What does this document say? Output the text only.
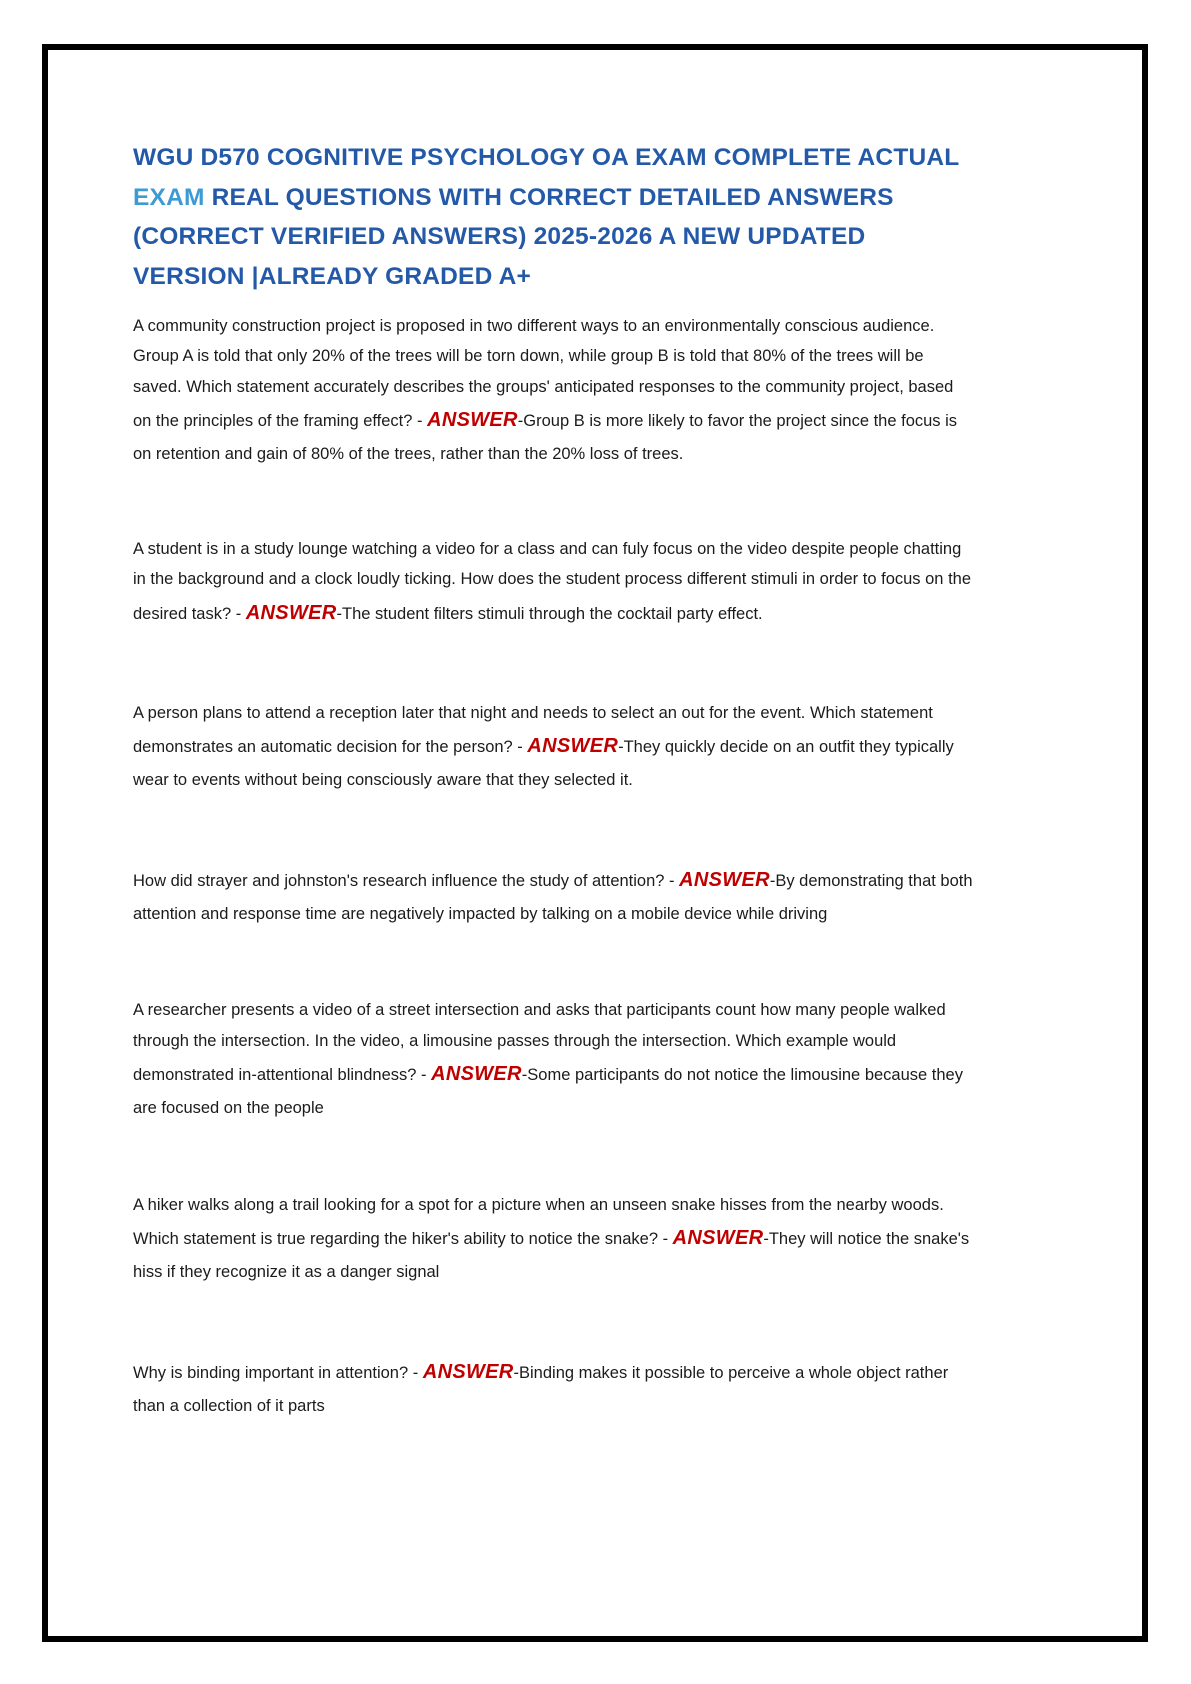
WGU D570 COGNITIVE PSYCHOLOGY OA EXAM COMPLETE ACTUAL EXAM REAL QUESTIONS WITH CORRECT DETAILED ANSWERS (CORRECT VERIFIED ANSWERS) 2025-2026 A NEW UPDATED VERSION |ALREADY GRADED A+

A community construction project is proposed in two different ways to an environmentally conscious audience. Group A is told that only 20% of the trees will be torn down, while group B is told that 80% of the trees will be saved. Which statement accurately describes the groups' anticipated responses to the community project, based on the principles of the framing effect? - ANSWER-Group B is more likely to favor the project since the focus is on retention and gain of 80% of the trees, rather than the 20% loss of trees.

A student is in a study lounge watching a video for a class and can fuly focus on the video despite people chatting in the background and a clock loudly ticking. How does the student process different stimuli in order to focus on the desired task? - ANSWER-The student filters stimuli through the cocktail party effect.

A person plans to attend a reception later that night and needs to select an out for the event. Which statement demonstrates an automatic decision for the person? - ANSWER-They quickly decide on an outfit they typically wear to events without being consciously aware that they selected it.

How did strayer and johnston's research influence the study of attention? - ANSWER-By demonstrating that both attention and response time are negatively impacted by talking on a mobile device while driving

A researcher presents a video of a street intersection and asks that participants count how many people walked through the intersection. In the video, a limousine passes through the intersection. Which example would demonstrated in-attentional blindness? - ANSWER-Some participants do not notice the limousine because they are focused on the people

A hiker walks along a trail looking for a spot for a picture when an unseen snake hisses from the nearby woods. Which statement is true regarding the hiker's ability to notice the snake? - ANSWER-They will notice the snake's hiss if they recognize it as a danger signal

Why is binding important in attention? - ANSWER-Binding makes it possible to perceive a whole object rather than a collection of it parts
